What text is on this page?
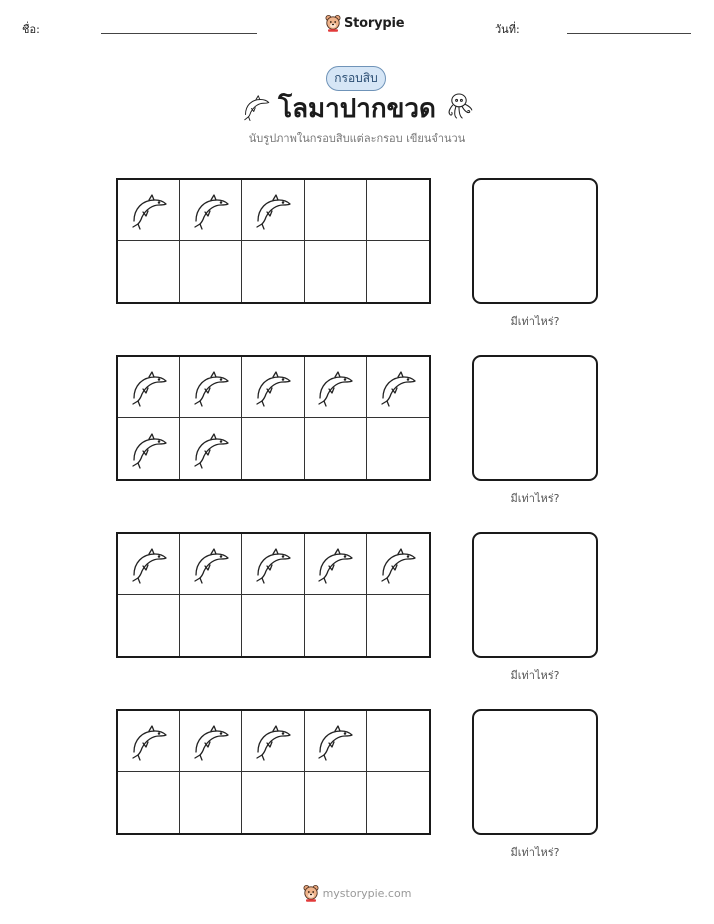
ชื่อ:	Storypie	วันที่:
กรอบสิบ
โลมาปากขวด
นับรูปภาพในกรอบสิบแต่ละกรอบ เขียนจำนวน
มีเท่าไหร่?
มีเท่าไหร่?
มีเท่าไหร่?
มีเท่าไหร่?
mystorypie.com
